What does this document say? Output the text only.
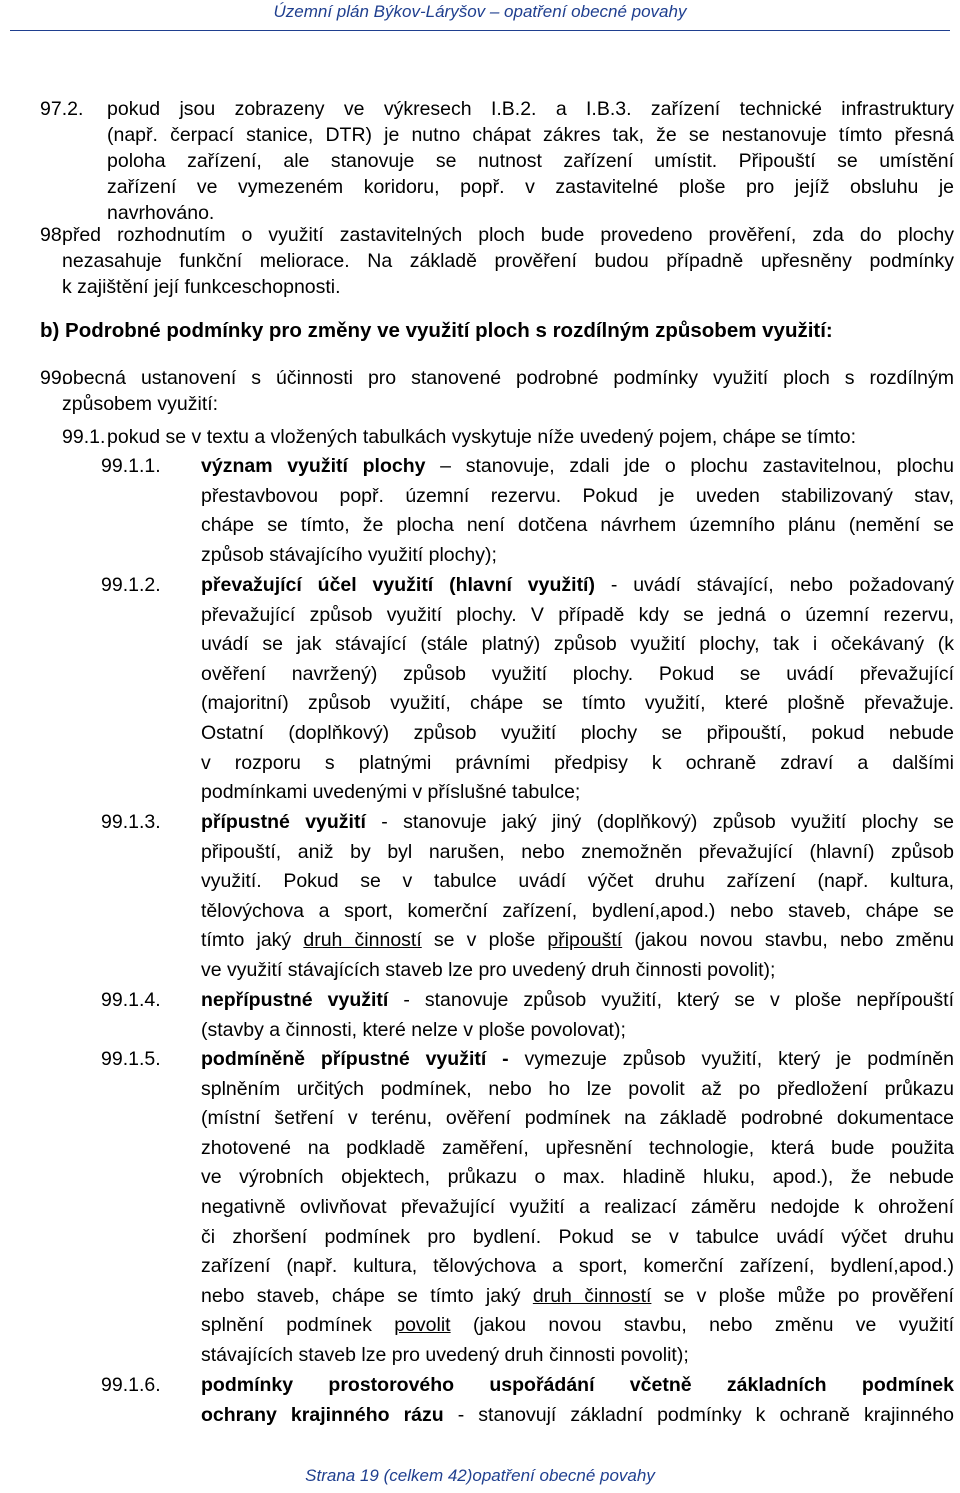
Územní plán Býkov-Láryšov – opatření obecné povahy
97.2. pokud jsou zobrazeny ve výkresech I.B.2. a I.B.3. zařízení technické infrastruktury
(např. čerpací stanice, DTR) je nutno chápat zákres tak, že se nestanovuje tímto přesná
poloha zařízení, ale stanovuje se nutnost zařízení umístit. Připouští se umístění
zařízení ve vymezeném koridoru, popř. v zastavitelné ploše pro jejíž obsluhu je
navrhováno.
98.
před rozhodnutím o využití zastavitelných ploch bude provedeno prověření, zda do plochy
nezasahuje funkční meliorace. Na základě prověření budou případně upřesněny podmínky
k zajištění její funkceschopnosti.
b) Podrobné podmínky pro změny ve využití ploch s rozdílným způsobem využití:
99.
obecná ustanovení s účinnosti pro stanovené podrobné podmínky využití ploch s rozdílným
způsobem využití:
99.1. pokud se v textu a vložených tabulkách vyskytuje níže uvedený pojem, chápe se tímto:
99.1.1. význam využití plochy – stanovuje, zdali jde o plochu zastavitelnou, plochu
přestavbovou popř. územní rezervu. Pokud je uveden stabilizovaný stav,
chápe se tímto, že plocha není dotčena návrhem územního plánu (nemění se
způsob stávajícího využití plochy);
99.1.2. převažující účel využití (hlavní využití) - uvádí stávající, nebo požadovaný
převažující způsob využití plochy. V případě kdy se jedná o územní rezervu,
uvádí se jak stávající (stále platný) způsob využití plochy, tak i očekávaný (k
ověření navržený) způsob využití plochy. Pokud se uvádí převažující
(majoritní) způsob využití, chápe se tímto využití, které plošně převažuje.
Ostatní (doplňkový) způsob využití plochy se připouští, pokud nebude
v rozporu s platnými právními předpisy k ochraně zdraví a dalšími
podmínkami uvedenými v příslušné tabulce;
99.1.3. přípustné využití - stanovuje jaký jiný (doplňkový) způsob využití plochy se
připouští, aniž by byl narušen, nebo znemožněn převažující (hlavní) způsob
využití. Pokud se v tabulce uvádí výčet druhu zařízení (např. kultura,
tělovýchova a sport, komerční zařízení, bydlení,apod.) nebo staveb, chápe se
tímto jaký druh činností se v ploše připouští (jakou novou stavbu, nebo změnu
ve využití stávajících staveb lze pro uvedený druh činnosti povolit);
99.1.4. nepřípustné využití - stanovuje způsob využití, který se v ploše nepřípouští
(stavby a činnosti, které nelze v ploše povolovat);
99.1.5. podmíněně přípustné využití - vymezuje způsob využití, který je podmíněn
splněním určitých podmínek, nebo ho lze povolit až po předložení průkazu
(místní šetření v terénu, ověření podmínek na základě podrobné dokumentace
zhotovené na podkladě zaměření, upřesnění technologie, která bude použita
ve výrobních objektech, průkazu o max. hladině hluku, apod.), že nebude
negativně ovlivňovat převažující využití a realizací záměru nedojde k ohrožení
či zhoršení podmínek pro bydlení. Pokud se v tabulce uvádí výčet druhu
zařízení (např. kultura, tělovýchova a sport, komerční zařízení, bydlení,apod.)
nebo staveb, chápe se tímto jaký druh činností se v ploše může po prověření
splnění podmínek povolit (jakou novou stavbu, nebo změnu ve využití
stávajících staveb lze pro uvedený druh činnosti povolit);
99.1.6. podmínky prostorového uspořádání včetně základních podmínek
ochrany krajinného rázu - stanovují základní podmínky k ochraně krajinného
Strana 19 (celkem 42)opatření obecné povahy
